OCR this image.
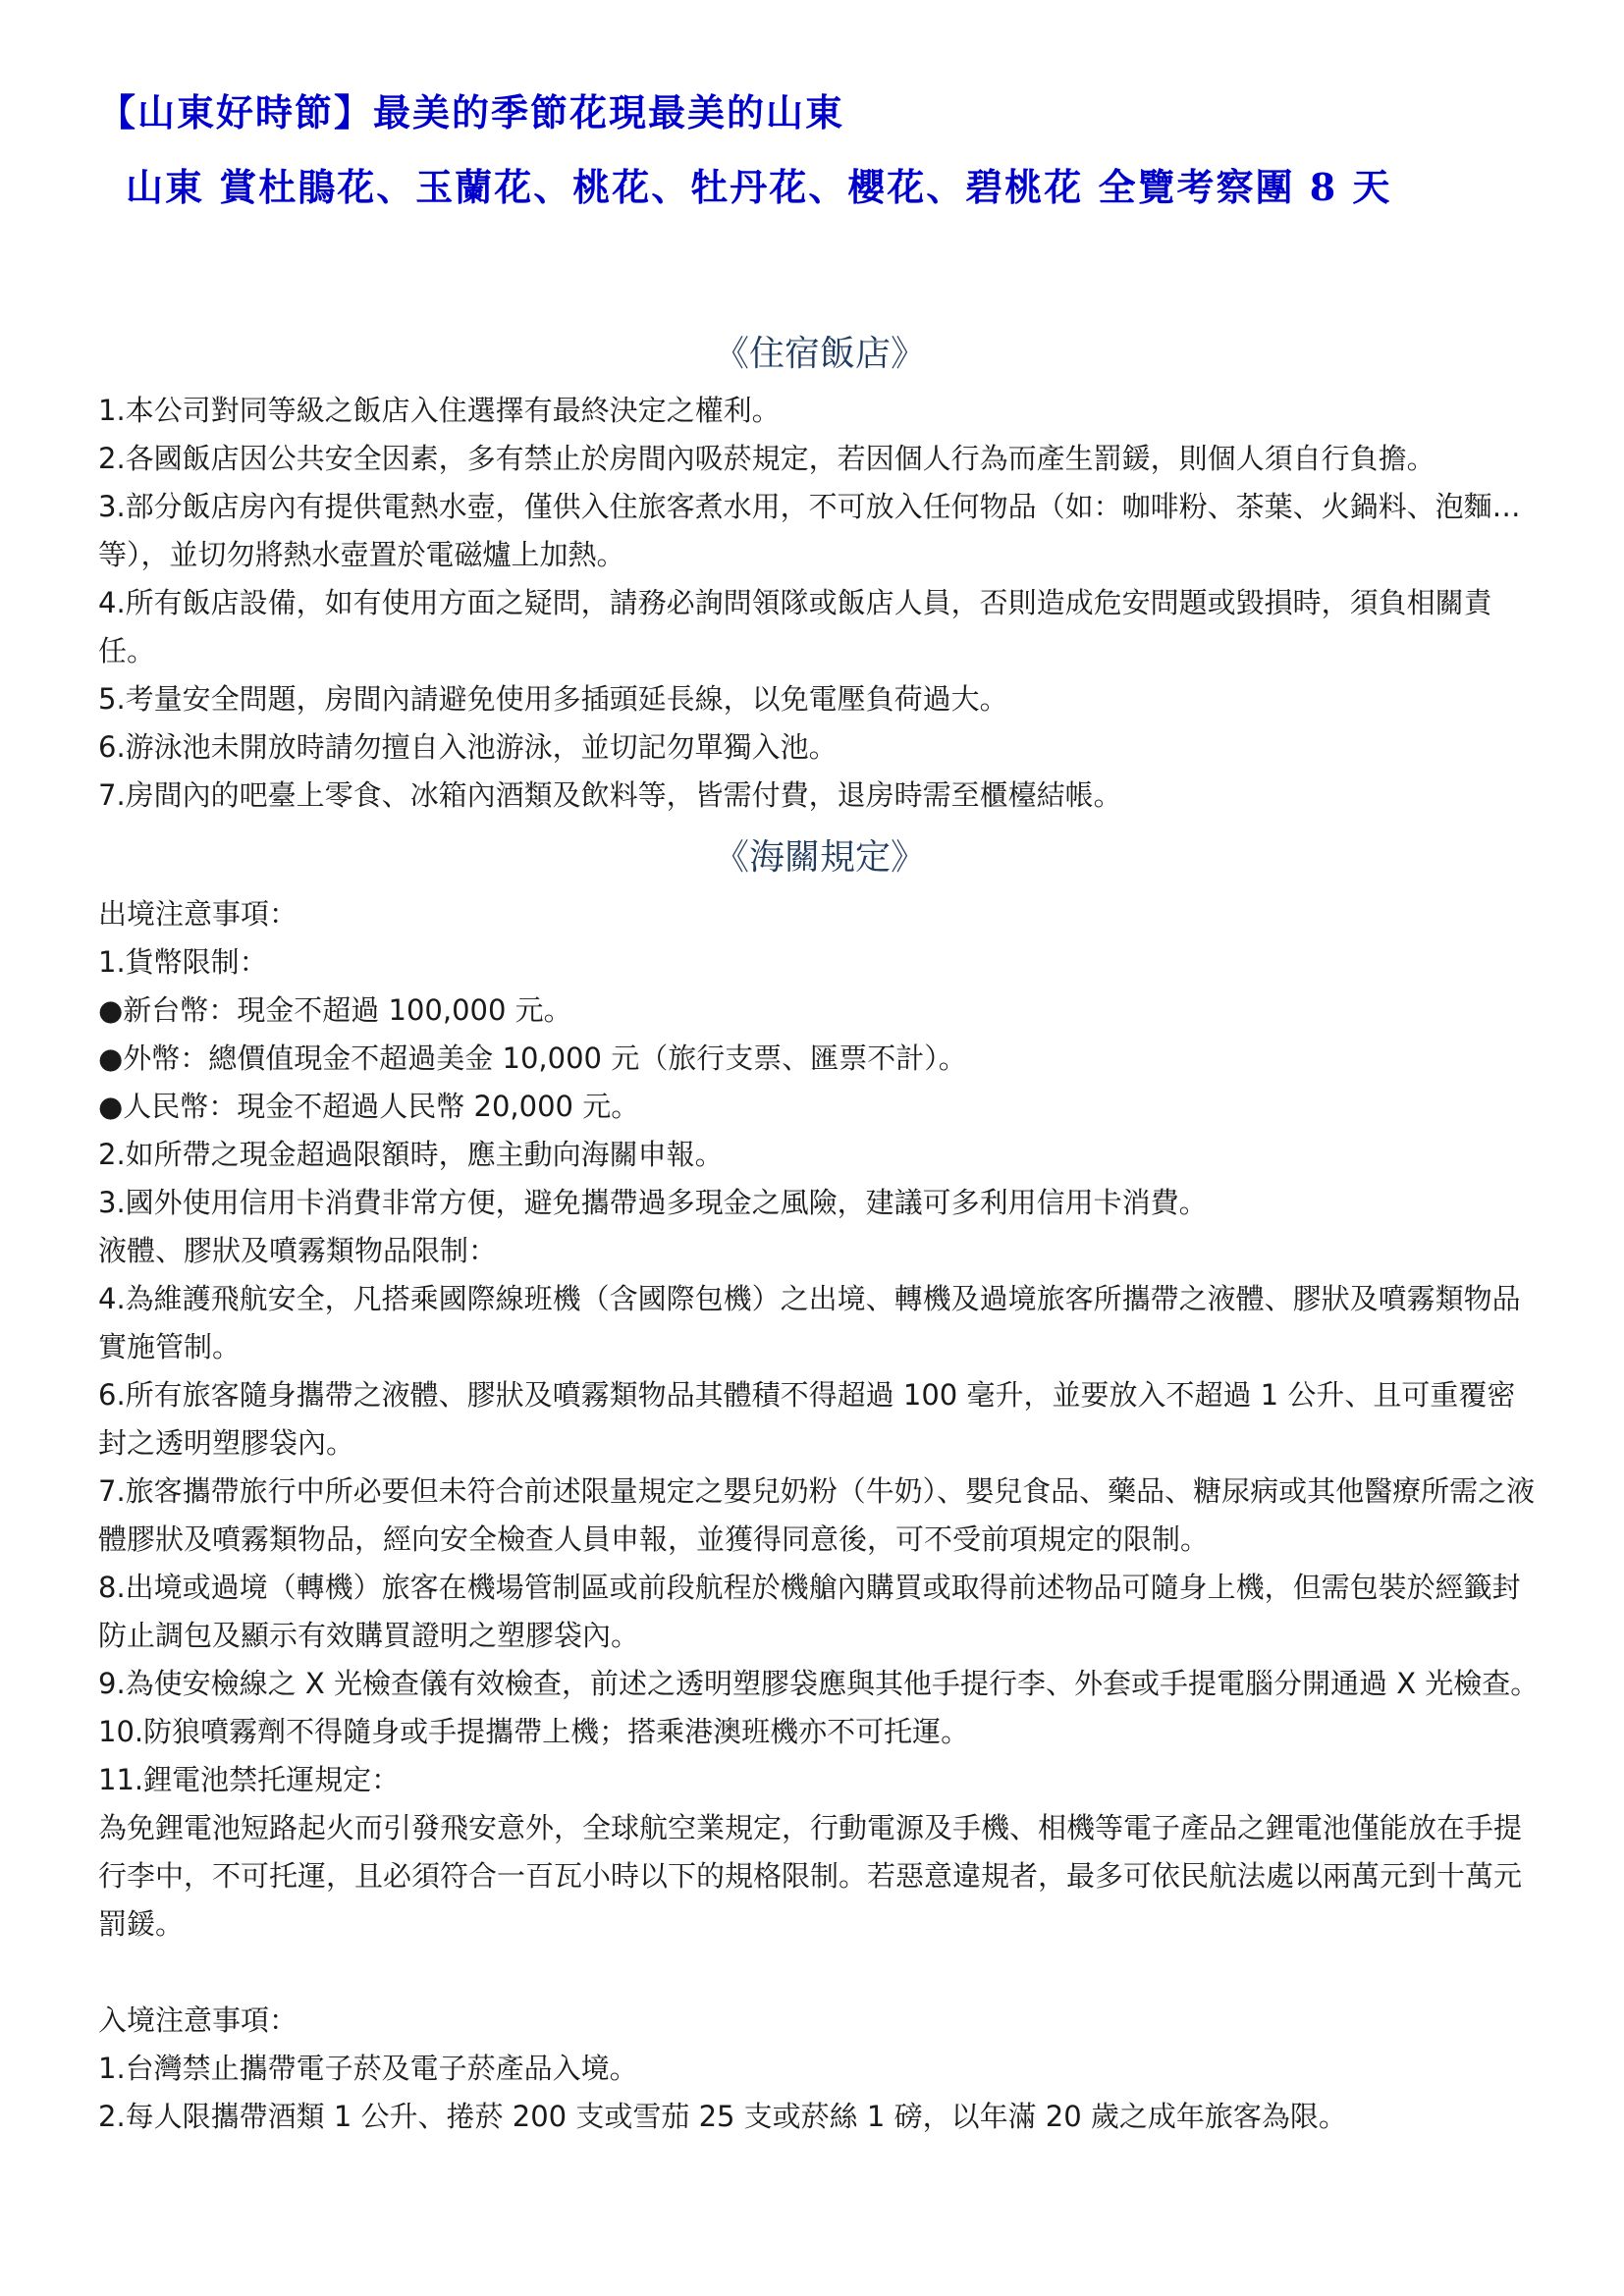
【山東好時節】最美的季節花現最美的山東
山東 賞杜鵑花、玉蘭花、桃花、牡丹花、櫻花、碧桃花 全覽考察團 8 天
《住宿飯店》

1.本公司對同等級之飯店入住選擇有最終決定之權利。

2.各國飯店因公共安全因素，多有禁止於房間內吸菸規定，若因個人行為而產生罰鍰，則個人須自行負擔。

3.部分飯店房內有提供電熱水壺，僅供入住旅客煮水用，不可放入任何物品（如：咖啡粉、茶葉、火鍋料、泡麵…等），並切勿將熱水壺置於電磁爐上加熱。

4.所有飯店設備，如有使用方面之疑問，請務必詢問領隊或飯店人員，否則造成危安問題或毀損時，須負相關責任。

5.考量安全問題，房間內請避免使用多插頭延長線，以免電壓負荷過大。

6.游泳池未開放時請勿擅自入池游泳，並切記勿單獨入池。

7.房間內的吧臺上零食、冰箱內酒類及飲料等，皆需付費，退房時需至櫃檯結帳。

《海關規定》

出境注意事項：

1.貨幣限制：

●新台幣：現金不超過 100,000 元。

●外幣：總價值現金不超過美金 10,000 元（旅行支票、匯票不計）。

●人民幣：現金不超過人民幣 20,000 元。

2.如所帶之現金超過限額時，應主動向海關申報。

3.國外使用信用卡消費非常方便，避免攜帶過多現金之風險，建議可多利用信用卡消費。

液體、膠狀及噴霧類物品限制：

4.為維護飛航安全，凡搭乘國際線班機（含國際包機）之出境、轉機及過境旅客所攜帶之液體、膠狀及噴霧類物品實施管制。

6.所有旅客隨身攜帶之液體、膠狀及噴霧類物品其體積不得超過 100 毫升，並要放入不超過 1 公升、且可重覆密封之透明塑膠袋內。

7.旅客攜帶旅行中所必要但未符合前述限量規定之嬰兒奶粉（牛奶）、嬰兒食品、藥品、糖尿病或其他醫療所需之液體膠狀及噴霧類物品，經向安全檢查人員申報，並獲得同意後，可不受前項規定的限制。

8.出境或過境（轉機）旅客在機場管制區或前段航程於機艙內購買或取得前述物品可隨身上機，但需包裝於經籤封防止調包及顯示有效購買證明之塑膠袋內。

9.為使安檢線之 X 光檢查儀有效檢查，前述之透明塑膠袋應與其他手提行李、外套或手提電腦分開通過 X 光檢查。

10.防狼噴霧劑不得隨身或手提攜帶上機；搭乘港澳班機亦不可托運。

11.鋰電池禁托運規定：

為免鋰電池短路起火而引發飛安意外，全球航空業規定，行動電源及手機、相機等電子產品之鋰電池僅能放在手提行李中，不可托運，且必須符合一百瓦小時以下的規格限制。若惡意違規者，最多可依民航法處以兩萬元到十萬元罰鍰。

入境注意事項：

1.台灣禁止攜帶電子菸及電子菸產品入境。

2.每人限攜帶酒類 1 公升、捲菸 200 支或雪茄 25 支或菸絲 1 磅，以年滿 20 歲之成年旅客為限。
